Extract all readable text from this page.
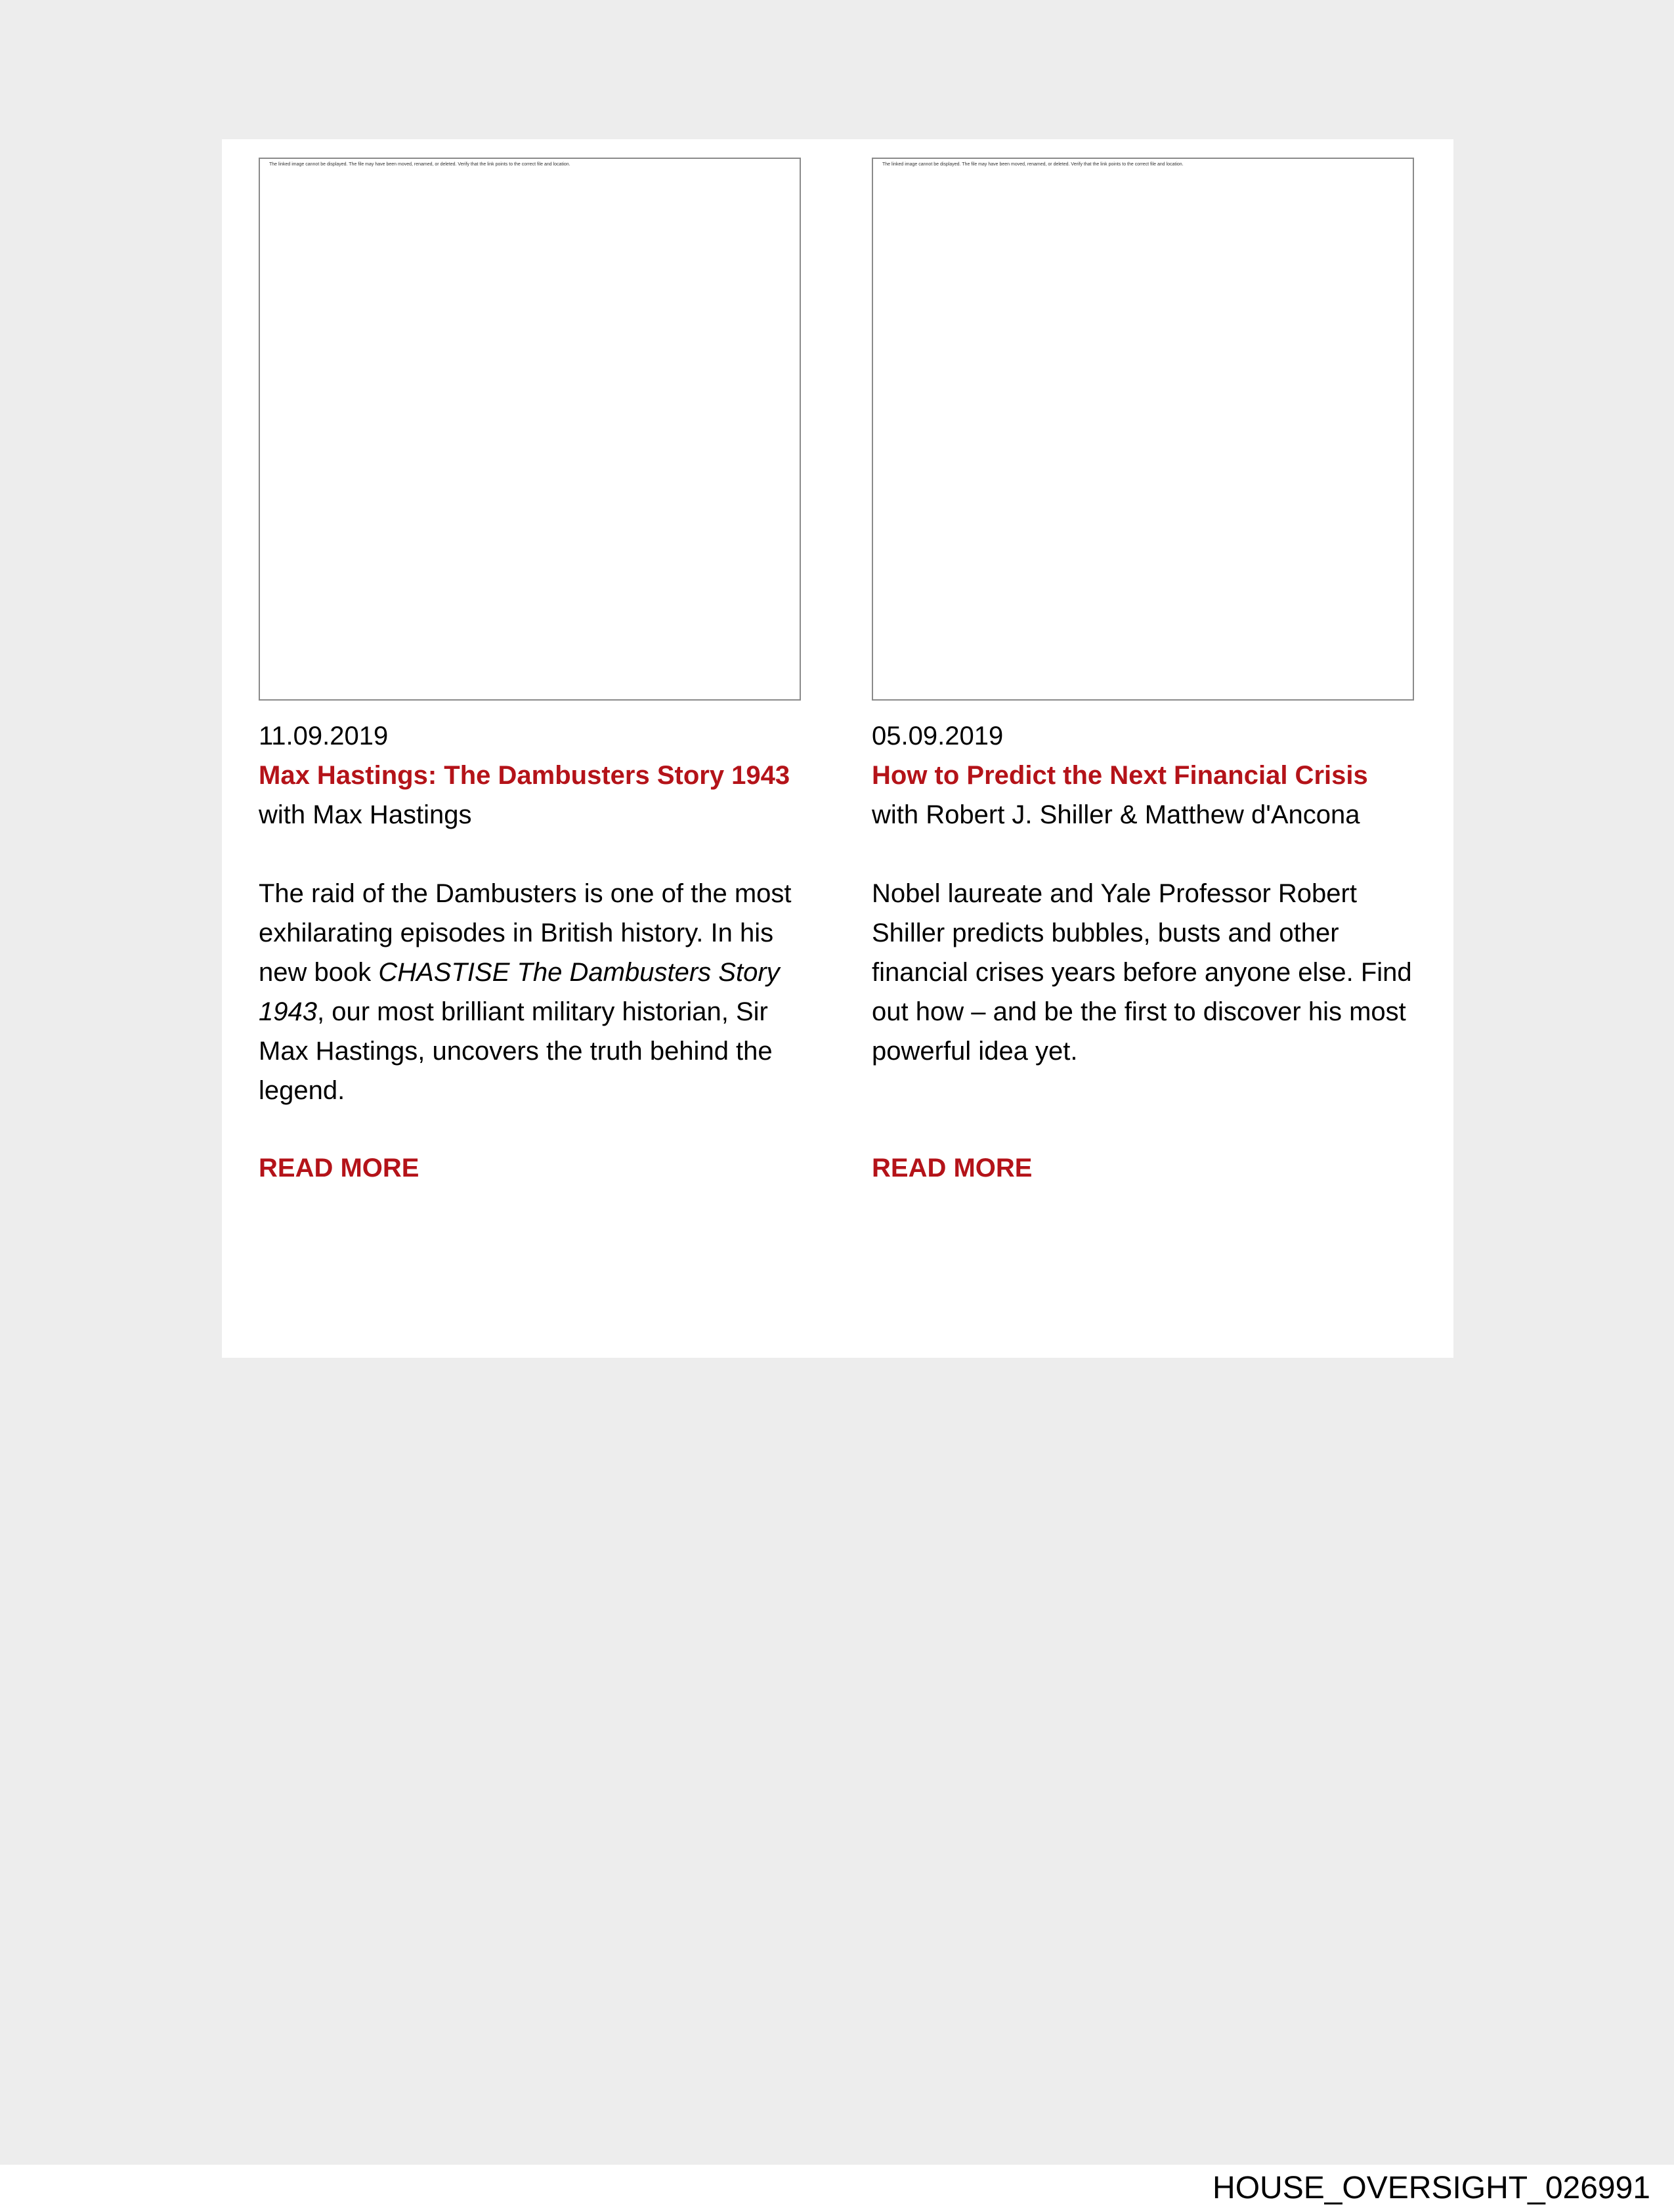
The linked image cannot be displayed. The file may have been moved, renamed, or deleted. Verify that the link points to the correct file and location.
11.09.2019
Max Hastings: The Dambusters Story 1943
with Max Hastings
The raid of the Dambusters is one of the most exhilarating episodes in British history. In his new book CHASTISE The Dambusters Story 1943, our most brilliant military historian, Sir Max Hastings, uncovers the truth behind the legend.
READ MORE
The linked image cannot be displayed. The file may have been moved, renamed, or deleted. Verify that the link points to the correct file and location.
05.09.2019
How to Predict the Next Financial Crisis
with Robert J. Shiller & Matthew d'Ancona
Nobel laureate and Yale Professor Robert Shiller predicts bubbles, busts and other financial crises years before anyone else. Find out how – and be the first to discover his most powerful idea yet.
READ MORE
HOUSE_OVERSIGHT_026991
